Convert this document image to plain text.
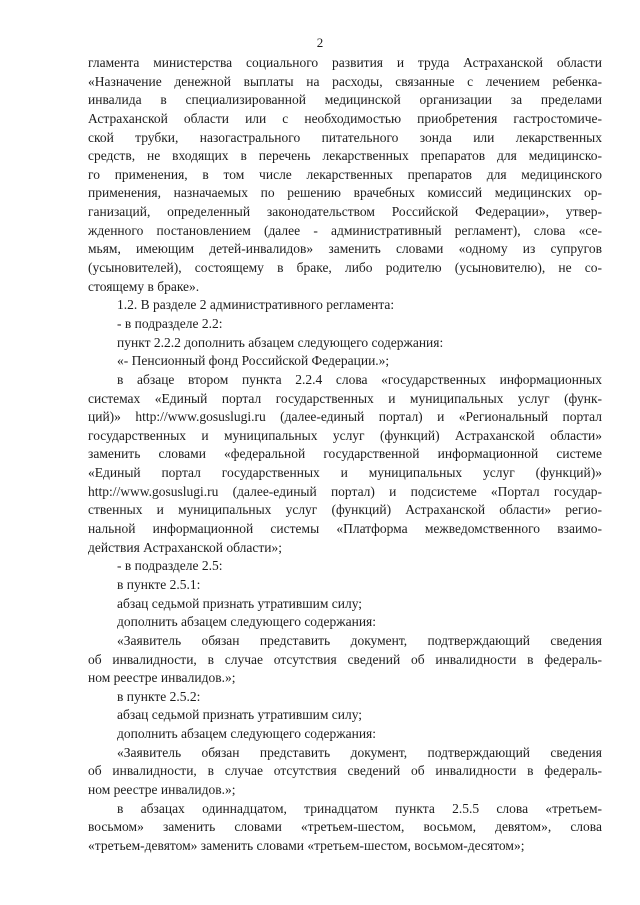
2
гламента министерства социального развития и труда Астраханской области
«Назначение денежной выплаты на расходы, связанные с лечением ребенка-
инвалида в специализированной медицинской организации за пределами
Астраханской области или с необходимостью приобретения гастростомиче-
ской трубки, назогастрального питательного зонда или лекарственных
средств, не входящих в перечень лекарственных препаратов для медицинско-
го применения, в том числе лекарственных препаратов для медицинского
применения, назначаемых по решению врачебных комиссий медицинских ор-
ганизаций, определенный законодательством Российской Федерации», утвер-
жденного постановлением (далее - административный регламент), слова «се-
мьям, имеющим детей-инвалидов» заменить словами «одному из супругов
(усыновителей), состоящему в браке, либо родителю (усыновителю), не со-
стоящему в браке».
1.2. В разделе 2 административного регламента:
- в подразделе 2.2:
пункт 2.2.2 дополнить абзацем следующего содержания:
«- Пенсионный фонд Российской Федерации.»;
в абзаце втором пункта 2.2.4 слова «государственных информационных
системах «Единый портал государственных и муниципальных услуг (функ-
ций)» http://www.gosuslugi.ru (далее-единый портал) и «Региональный портал
государственных и муниципальных услуг (функций) Астраханской области»
заменить словами «федеральной государственной информационной системе
«Единый портал государственных и муниципальных услуг (функций)»
http://www.gosuslugi.ru (далее-единый портал) и подсистеме «Портал государ-
ственных и муниципальных услуг (функций) Астраханской области» регио-
нальной информационной системы «Платформа межведомственного взаимо-
действия Астраханской области»;
- в подразделе 2.5:
в пункте 2.5.1:
абзац седьмой признать утратившим силу;
дополнить абзацем следующего содержания:
«Заявитель обязан представить документ, подтверждающий сведения
об инвалидности, в случае отсутствия сведений об инвалидности в федераль-
ном реестре инвалидов.»;
в пункте 2.5.2:
абзац седьмой признать утратившим силу;
дополнить абзацем следующего содержания:
«Заявитель обязан представить документ, подтверждающий сведения
об инвалидности, в случае отсутствия сведений об инвалидности в федераль-
ном реестре инвалидов.»;
в абзацах одиннадцатом, тринадцатом пункта 2.5.5 слова «третьем-
восьмом» заменить словами «третьем-шестом, восьмом, девятом», слова
«третьем-девятом» заменить словами «третьем-шестом, восьмом-десятом»;
